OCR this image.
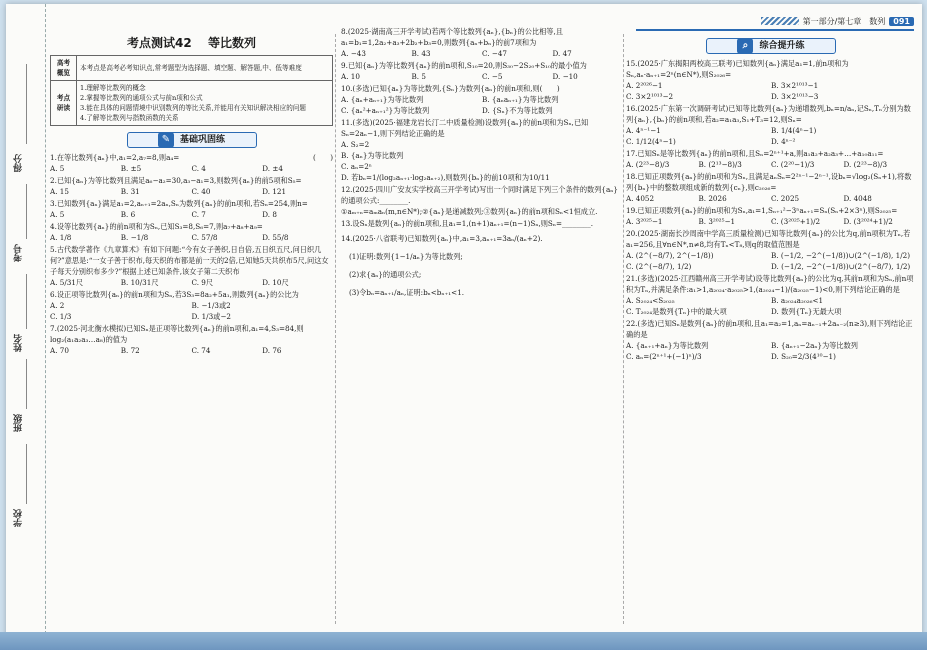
得分
考号
姓名
班级
学校
第一部分/第七章　数列	091
考点测试42 等比数列
高考概览	本考点是高考必考知识点,常考题型为选择题、填空题、解答题,中、低等难度
考点研读	1.理解等比数列的概念
2.掌握等比数列的通项公式与前n项和公式
3.能在具体的问题情境中识别数列的等比关系,并能用有关知识解决相应的问题
4.了解等比数列与指数函数的关系
✎	基础巩固练
(　　)
1.在等比数列{aₙ}中,a₁=2,a₇=8,则a₄=
A. 5	B. ±5	C. 4	D. ±4
2.已知{aₙ}为等比数列且满足a₆−a₂=30,a₃−a₁=3,则数列{aₙ}的前5项和S₅=
A. 15	B. 31	C. 40	D. 121
3.已知数列{aₙ}满足a₁=2,aₙ₊₁=2aₙ,Sₙ为数列{aₙ}的前n项和,若Sₙ=254,则n=
A. 5	B. 6	C. 7	D. 8
4.设等比数列{aₙ}的前n项和为Sₙ,已知S₃=8,S₆=7,则a₇+a₈+a₉=
A. 1/8	B. −1/8	C. 57/8	D. 55/8
5.古代数学著作《九章算术》有如下问题:“今有女子善织,日自倍,五日织五尺,问日织几何?”意思是:“一女子善于织布,每天织的布都是前一天的2倍,已知她5天共织布5尺,问这女子每天分别织布多少?”根据上述已知条件,该女子第二天织布
A. 5/31尺	B. 10/31尺	C. 9尺	D. 10尺
6.设正项等比数列{aₙ}的前n项和为Sₙ,若3S₃=8a₂+5a₁,则数列{aₙ}的公比为
A. 2	B. −1/3或2
C. 1/3	D. 1/3或−2
7.(2025·河北衡水模拟)已知Sₙ是正项等比数列{aₙ}的前n项和,a₁=4,S₃=84,则log₂(a₁a₂a₃…a₈)的值为
A. 70	B. 72	C. 74	D. 76
8.(2025·湖南高三开学考试)若两个等比数列{aₙ},{bₙ}的公比相等,且a₁=b₁=1,2a₂+a₃+2b₂+b₃=0,则数列{aₙ+bₙ}的前7项和为
A. −43	B. 43	C. −47	D. 47
9.已知{aₙ}为等比数列{aₙ}的前n项和,S₁₀=20,则S₃₀−2S₂₀+S₁₀的最小值为
A. 10	B. 5	C. −5	D. −10
10.(多选)已知{aₙ}为等比数列,{Sₙ}为数列{aₙ}的前n项和,则(　　)
A. {aₙ+aₙ₊₁}为等比数列	B. {aₙaₙ₊₁}为等比数列
C. {aₙ²+aₙ₊₁²}为等比数列	D. {Sₙ}不为等比数列
11.(多选)(2025·福建龙岩长汀二中质量检测)设数列{aₙ}的前n项和为Sₙ,已知Sₙ=2aₙ−1,则下列结论正确的是
A. S₂=2
B. {aₙ}为等比数列
C. aₙ=2ⁿ
D. 若bₙ=1/(log₂aₙ₊₁·log₂aₙ₊₂),则数列{bₙ}的前10项和为10/11
12.(2025·四川广安友实学校高三开学考试)写出一个同时满足下列三个条件的数列{aₙ}的通项公式:________.
①aₘ₊ₙ=aₘaₙ(m,n∈N*);②{aₙ}是递减数列;③数列{aₙ}的前n项和Sₙ<1恒成立.
13.设Sₙ是数列{aₙ}的前n项和,且a₁=1,(n+1)aₙ₊₁=(n−1)Sₙ,则Sₙ=________.
14.(2025·八省联考)已知数列{aₙ}中,a₁=3,aₙ₊₁=3aₙ/(aₙ+2).
(1)证明:数列{1−1/aₙ}为等比数列;
(2)求{aₙ}的通项公式;
(3)令bₙ=aₙ₊₁/aₙ,证明:bₙ<bₙ₊₁<1.
⌕	综合提升练
15.(2025·广东揭阳两校高三联考)已知数列{aₙ}满足a₁=1,前n项和为Sₙ,aₙ·aₙ₊₁=2ⁿ(n∈N*),则S₂₀₂₆=
A. 2²⁰²⁶−1	B. 3×2¹⁰¹³−1
C. 3×2¹⁰¹³−2	D. 3×2¹⁰¹³−3
16.(2025·广东第一次调研考试)已知等比数列{aₙ}为递增数列,bₙ=n/aₙ,记Sₙ,Tₙ分别为数列{aₙ},{bₙ}的前n项和,若a₂=a₁a₃,S₁+T₃=12,则Sₙ=
A. 4ⁿ⁻¹−1	B. 1/4(4ⁿ−1)
C. 1/12(4ⁿ−1)	D. 4ⁿ⁻²
17.已知Sₙ是等比数列{aₙ}的前n项和,且Sₙ=2ⁿ⁺¹+a,则a₁a₂+a₂a₃+…+a₁₀a₁₁=
A. (2²³−8)/3	B. (2¹³−8)/3	C. (2²⁰−1)/3	D. (2²³−8)/3
18.已知正项数列{aₙ}的前n项和为Sₙ,且满足aₙSₙ=2²ⁿ⁻¹−2ⁿ⁻¹,设bₙ=√log₂(Sₙ+1),将数列{bₙ}中的整数项组成新的数列{cₙ},则c₂₀₂₆=
A. 4052	B. 2026	C. 2025	D. 4048
19.已知正项数列{aₙ}的前n项和为Sₙ,a₁=1,Sₙ₊₁²−3ⁿaₙ₊₁=Sₙ(Sₙ+2×3ⁿ),则S₂₀₂₅=
A. 3²⁰²⁵−1	B. 3²⁰²⁵−1	C. (3²⁰²⁵+1)/2	D. (3²⁰²⁴+1)/2
20.(2025·湖南长沙周南中学高三质量检测)已知等比数列{aₙ}的公比为q,前n项积为Tₙ,若a₁=256,且∀n∈N*,n≠8,均有Tₙ<T₈,则q的取值范围是
A. (2^(−8/7), 2^(−1/8))	B. (−1/2, −2^(−1/8))∪(2^(−1/8), 1/2)
C. (2^(−8/7), 1/2)	D. (−1/2, −2^(−1/8))∪(2^(−8/7), 1/2)
21.(多选)(2025·江西赣州高三开学考试)设等比数列{aₙ}的公比为q,其前n项和为Sₙ,前n项积为Tₙ,并满足条件:a₁>1,a₂₀₂₄·a₂₀₂₅>1,(a₂₀₂₄−1)/(a₂₀₂₅−1)<0,则下列结论正确的是
A. S₂₀₂₄<S₂₀₂₅	B. a₂₀₂₄a₂₀₂₆<1
C. T₂₀₂₄是数列{Tₙ}中的最大项	D. 数列{Tₙ}无最大项
22.(多选)已知Sₙ是数列{aₙ}的前n项和,且a₁=a₂=1,aₙ=aₙ₋₁+2aₙ₋₂(n≥3),则下列结论正确的是
A. {aₙ₊₁+aₙ}为等比数列	B. {aₙ₊₁−2aₙ}为等比数列
C. aₙ=(2ⁿ⁺¹+(−1)ⁿ)/3	D. S₂₀=2/3(4¹⁰−1)
